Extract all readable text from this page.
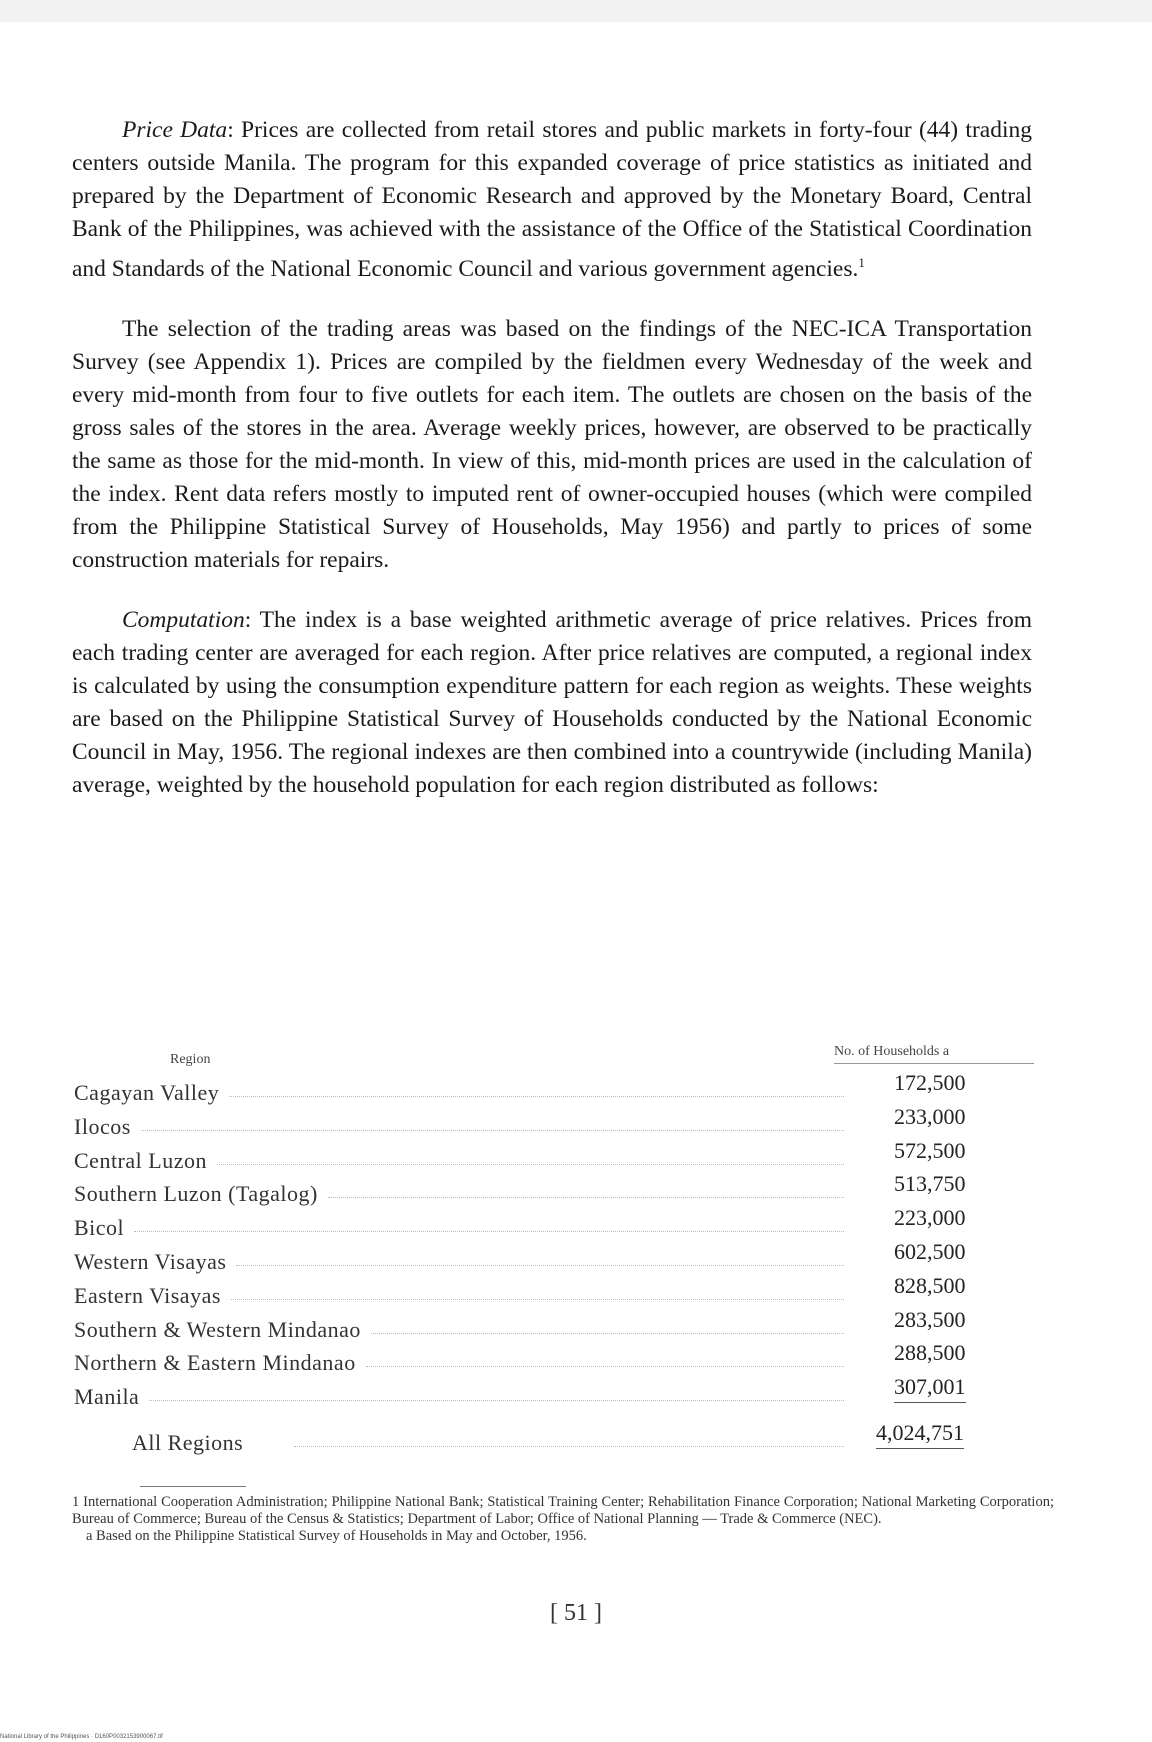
Price Data: Prices are collected from retail stores and public markets in forty-four (44) trading centers outside Manila. The program for this expanded coverage of price statistics as initiated and prepared by the Department of Economic Research and approved by the Monetary Board, Central Bank of the Philippines, was achieved with the assistance of the Office of the Statistical Coordination and Standards of the National Economic Council and various government agencies.$^1$

The selection of the trading areas was based on the findings of the NEC-ICA Transportation Survey (see Appendix 1). Prices are compiled by the fieldmen every Wednesday of the week and every mid-month from four to five outlets for each item. The outlets are chosen on the basis of the gross sales of the stores in the area. Average weekly prices, however, are observed to be practically the same as those for the mid-month. In view of this, mid-month prices are used in the calculation of the index. Rent data refers mostly to imputed rent of owner-occupied houses (which were compiled from the Philippine Statistical Survey of Households, May 1956) and partly to prices of some construction materials for repairs.

Computation: The index is a base weighted arithmetic average of price relatives. Prices from each trading center are averaged for each region. After price relatives are computed, a regional index is calculated by using the consumption expenditure pattern for each region as weights. These weights are based on the Philippine Statistical Survey of Households conducted by the National Economic Council in May, 1956. The regional indexes are then combined into a countrywide (including Manila) average, weighted by the household population for each region distributed as follows:

Region
No. of Households a
Cagayan Valley	172,500
Ilocos	233,000
Central Luzon	572,500
Southern Luzon (Tagalog)	513,750
Bicol	223,000
Western Visayas	602,500
Eastern Visayas	828,500
Southern & Western Mindanao	283,500
Northern & Eastern Mindanao	288,500
Manila	307,001
All Regions	4,024,751

1 International Cooperation Administration; Philippine National Bank; Statistical Training Center; Rehabilitation Finance Corporation; National Marketing Corporation; Bureau of Commerce; Bureau of the Census & Statistics; Department of Labor; Office of National Planning — Trade & Commerce (NEC).

a Based on the Philippine Statistical Survey of Households in May and October, 1956.

[ 51 ]
National Library of the Philippines · D160P0032153900067.tif
